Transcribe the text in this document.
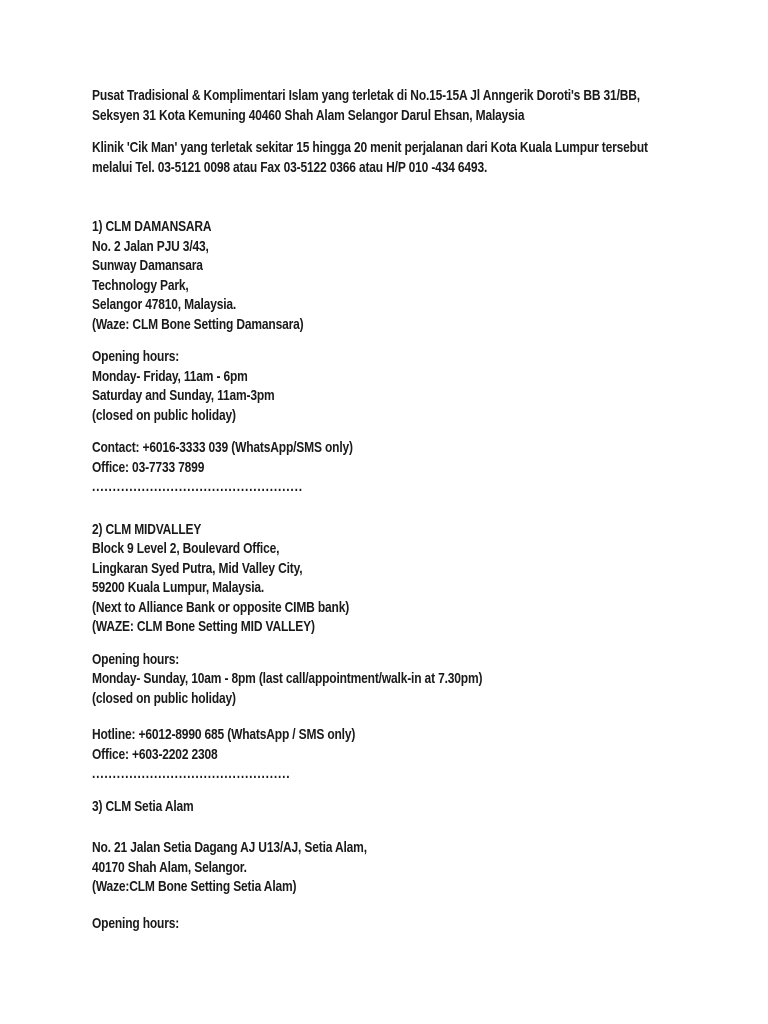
Pusat Tradisional & Komplimentari Islam yang terletak di No.15-15A Jl Anngerik Doroti's BB 31/BB,
Seksyen 31 Kota Kemuning 40460 Shah Alam Selangor Darul Ehsan, Malaysia

Klinik 'Cik Man' yang terletak sekitar 15 hingga 20 menit perjalanan dari Kota Kuala Lumpur tersebut
melalui Tel. 03-5121 0098 atau Fax 03-5122 0366 atau H/P 010 -434 6493.

1) CLM DAMANSARA
No. 2 Jalan PJU 3/43,
Sunway Damansara
Technology Park,
Selangor 47810, Malaysia.
(Waze: CLM Bone Setting Damansara)

Opening hours:
Monday- Friday, 11am - 6pm
Saturday and Sunday, 11am-3pm
(closed on public holiday)

Contact: +6016-3333 039 (WhatsApp/SMS only)
Office: 03-7733 7899
...................................................

2) CLM MIDVALLEY
Block 9 Level 2, Boulevard Office,
Lingkaran Syed Putra, Mid Valley City,
59200 Kuala Lumpur, Malaysia.
(Next to Alliance Bank or opposite CIMB bank)
(WAZE: CLM Bone Setting MID VALLEY)

Opening hours:
Monday- Sunday, 10am - 8pm (last call/appointment/walk-in at 7.30pm)
(closed on public holiday)

Hotline: +6012-8990 685 (WhatsApp / SMS only)
Office: +603-2202 2308
................................................

3) CLM Setia Alam

No. 21 Jalan Setia Dagang AJ U13/AJ, Setia Alam,
40170 Shah Alam, Selangor.
(Waze:CLM Bone Setting Setia Alam)

Opening hours:
